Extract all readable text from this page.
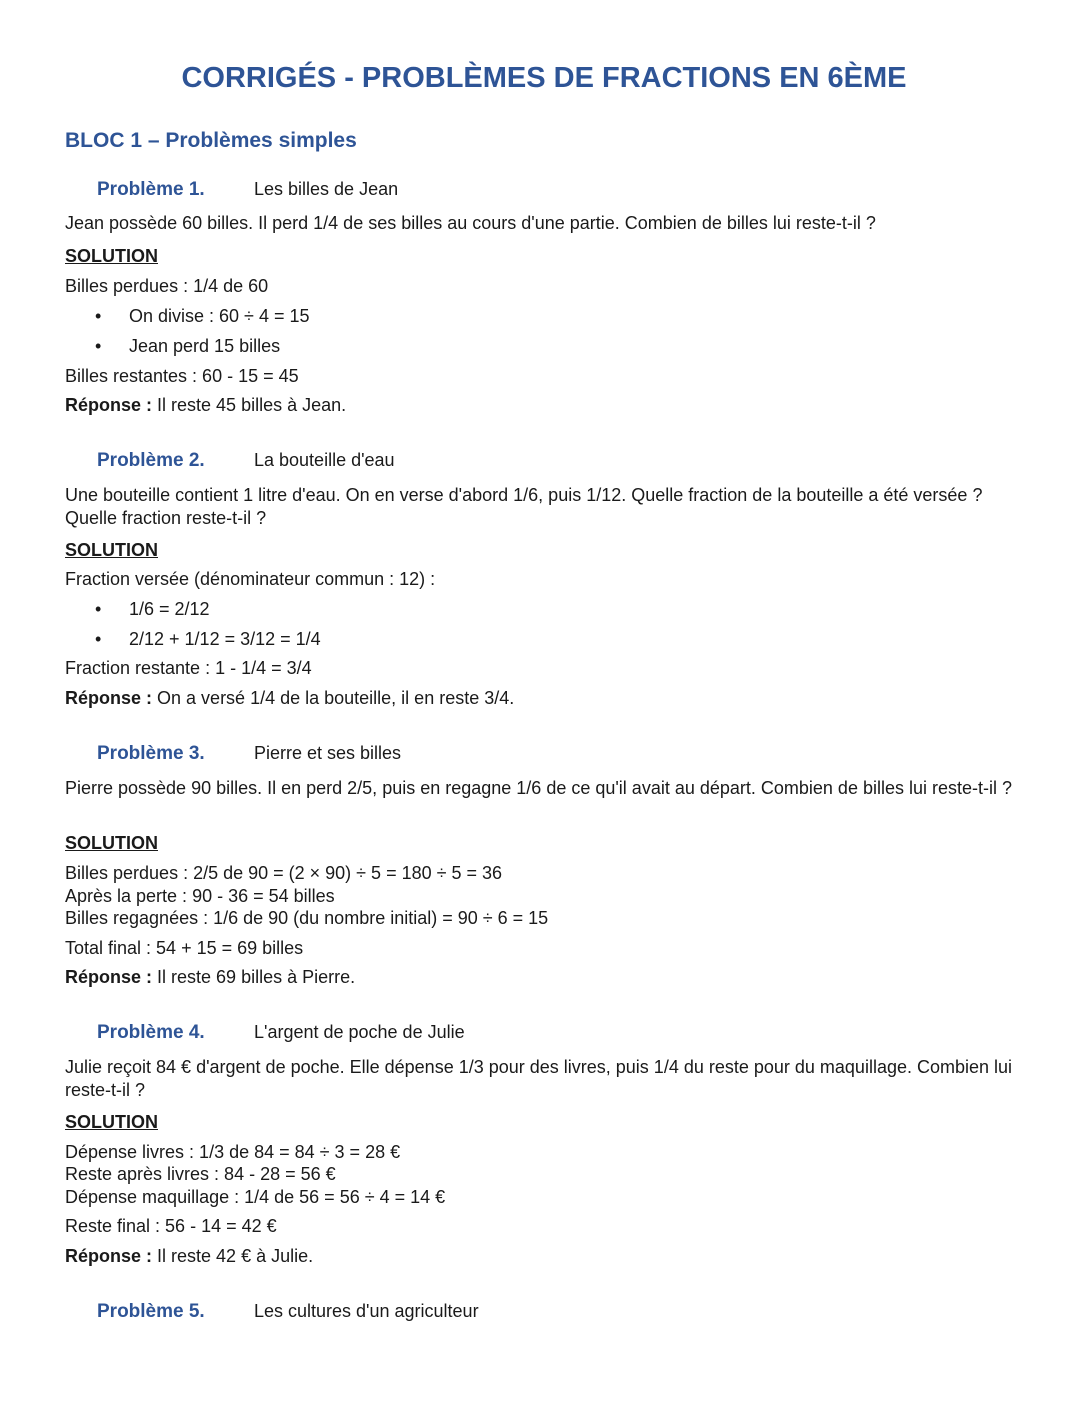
CORRIGÉS - PROBLÈMES DE FRACTIONS EN 6ÈME
BLOC 1 – Problèmes simples
Problème 1.	Les billes de Jean
Jean possède 60 billes. Il perd 1/4 de ses billes au cours d'une partie. Combien de billes lui reste-t-il ?
SOLUTION
Billes perdues : 1/4 de 60
• On divise : 60 ÷ 4 = 15
• Jean perd 15 billes
Billes restantes : 60 - 15 = 45
Réponse : Il reste 45 billes à Jean.
Problème 2.	La bouteille d'eau
Une bouteille contient 1 litre d'eau. On en verse d'abord 1/6, puis 1/12. Quelle fraction de la bouteille a été versée ? Quelle fraction reste-t-il ?
SOLUTION
Fraction versée (dénominateur commun : 12) :
• 1/6 = 2/12
• 2/12 + 1/12 = 3/12 = 1/4
Fraction restante : 1 - 1/4 = 3/4
Réponse : On a versé 1/4 de la bouteille, il en reste 3/4.
Problème 3.	Pierre et ses billes
Pierre possède 90 billes. Il en perd 2/5, puis en regagne 1/6 de ce qu'il avait au départ. Combien de billes lui reste-t-il ?
SOLUTION
Billes perdues : 2/5 de 90 = (2 × 90) ÷ 5 = 180 ÷ 5 = 36
Après la perte : 90 - 36 = 54 billes
Billes regagnées : 1/6 de 90 (du nombre initial) = 90 ÷ 6 = 15
Total final : 54 + 15 = 69 billes
Réponse : Il reste 69 billes à Pierre.
Problème 4.	L'argent de poche de Julie
Julie reçoit 84 € d'argent de poche. Elle dépense 1/3 pour des livres, puis 1/4 du reste pour du maquillage. Combien lui reste-t-il ?
SOLUTION
Dépense livres : 1/3 de 84 = 84 ÷ 3 = 28 €
Reste après livres : 84 - 28 = 56 €
Dépense maquillage : 1/4 de 56 = 56 ÷ 4 = 14 €
Reste final : 56 - 14 = 42 €
Réponse : Il reste 42 € à Julie.
Problème 5.	Les cultures d'un agriculteur
